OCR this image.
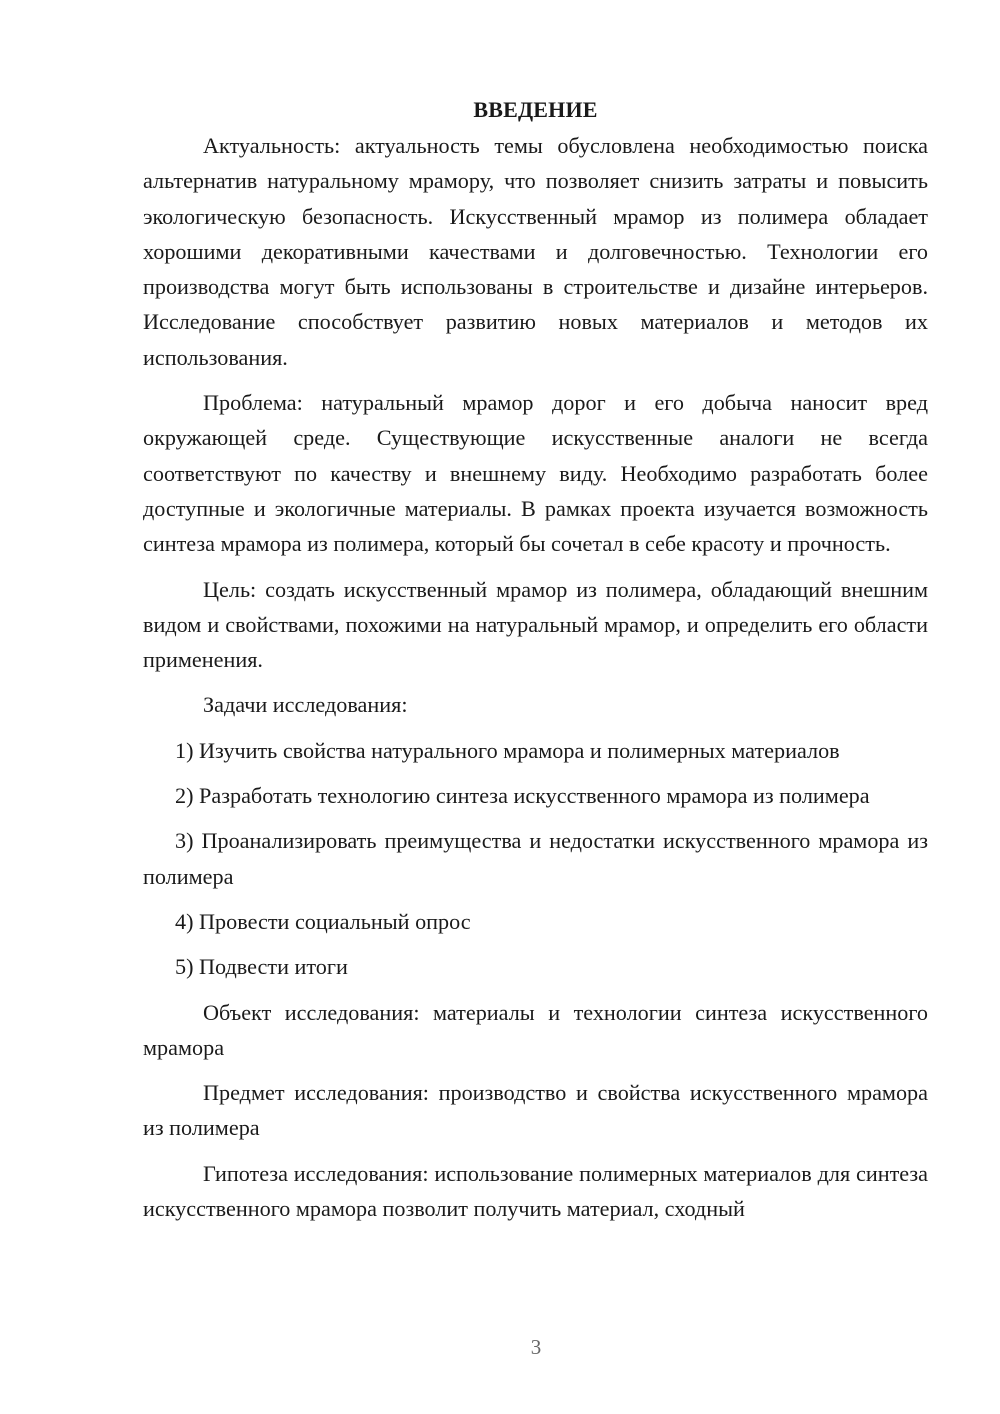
ВВЕДЕНИЕ

Актуальность: актуальность темы обусловлена необходимостью поиска альтернатив натуральному мрамору, что позволяет снизить затраты и повысить экологическую безопасность. Искусственный мрамор из полимера обладает хорошими декоративными качествами и долговечностью. Технологии его производства могут быть использованы в строительстве и дизайне интерьеров. Исследование способствует развитию новых материалов и методов их использования.

Проблема: натуральный мрамор дорог и его добыча наносит вред окружающей среде. Существующие искусственные аналоги не всегда соответствуют по качеству и внешнему виду. Необходимо разработать более доступные и экологичные материалы. В рамках проекта изучается возможность синтеза мрамора из полимера, который бы сочетал в себе красоту и прочность.

Цель: создать искусственный мрамор из полимера, обладающий внешним видом и свойствами, похожими на натуральный мрамор, и определить его области применения.

Задачи исследования:

1) Изучить свойства натурального мрамора и полимерных материалов

2) Разработать технологию синтеза искусственного мрамора из полимера

3) Проанализировать преимущества и недостатки искусственного мрамора из полимера

4) Провести социальный опрос

5) Подвести итоги

Объект исследования: материалы и технологии синтеза искусственного мрамора

Предмет исследования: производство и свойства искусственного мрамора из полимера

Гипотеза исследования: использование полимерных материалов для синтеза искусственного мрамора позволит получить материал, сходный

3
